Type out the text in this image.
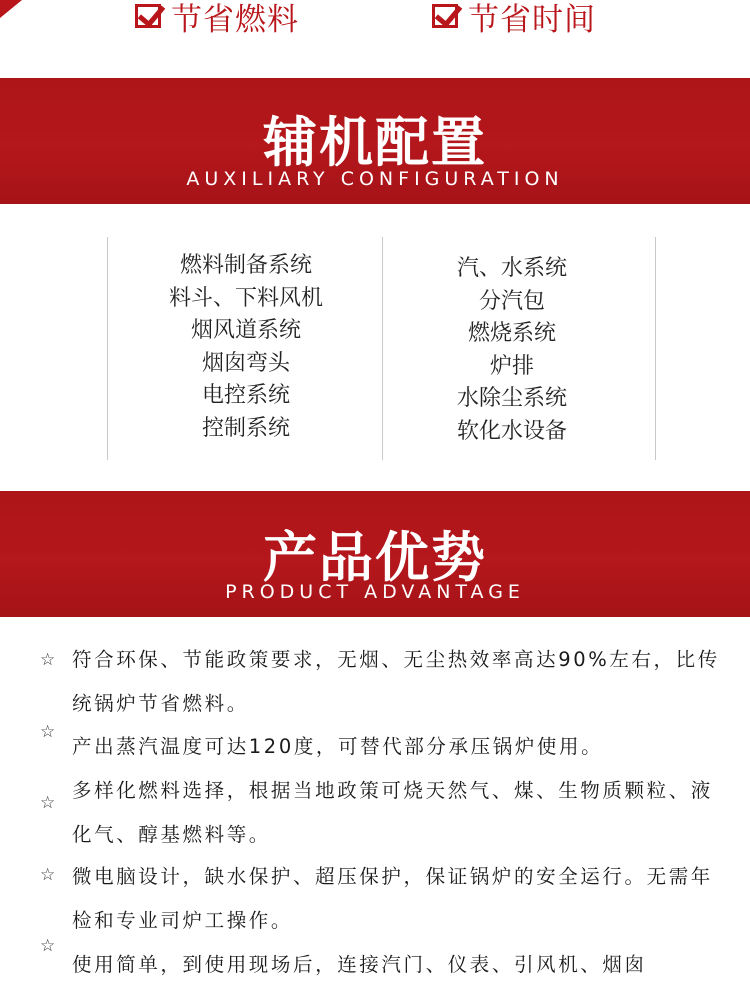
节省燃料	节省时间
辅机配置
AUXILIARY CONFIGURATION
燃料制备系统
料斗、下料风机
烟风道系统
烟囱弯头
电控系统
控制系统
汽、水系统
分汽包
燃烧系统
炉排
水除尘系统
软化水设备
产品优势
PRODUCT ADVANTAGE
☆ 符合环保、节能政策要求，无烟、无尘热效率高达90%左右，比传统锅炉节省燃料。
☆
产出蒸汽温度可达120度，可替代部分承压锅炉使用。
☆
多样化燃料选择，根据当地政策可烧天然气、煤、生物质颗粒、液化气、醇基燃料等。
☆ 微电脑设计，缺水保护、超压保护，保证锅炉的安全运行。无需年检和专业司炉工操作。
☆
使用简单，到使用现场后，连接汽门、仪表、引风机、烟囱
